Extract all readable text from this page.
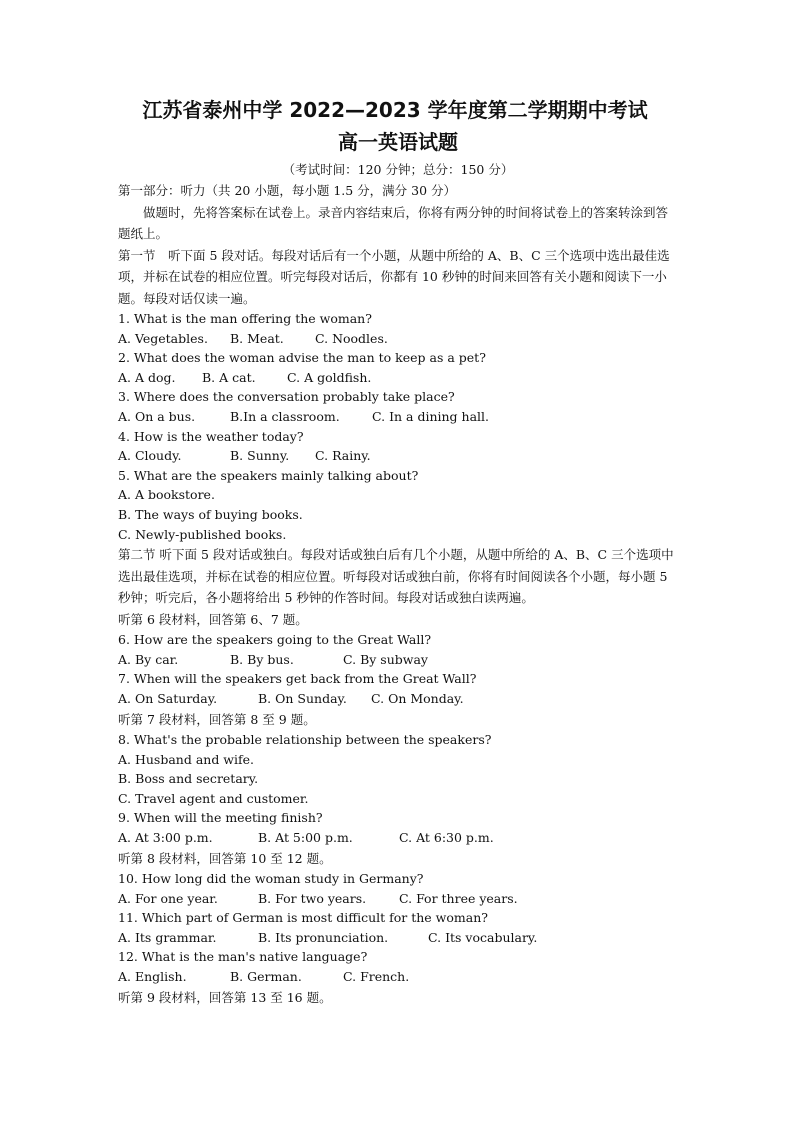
江苏省泰州中学 2022—2023 学年度第二学期期中考试
高一英语试题
（考试时间：120 分钟；总分：150 分）
第一部分：听力（共 20 小题，每小题 1.5 分，满分 30 分）
做题时，先将答案标在试卷上。录音内容结束后，你将有两分钟的时间将试卷上的答案转涂到答题纸上。
第一节　听下面 5 段对话。每段对话后有一个小题，从题中所给的 A、B、C 三个选项中选出最佳选项，并标在试卷的相应位置。听完每段对话后，你都有 10 秒钟的时间来回答有关小题和阅读下一小题。每段对话仅读一遍。
1. What is the man offering the woman?
A. Vegetables.	B. Meat.	C. Noodles.
2. What does the woman advise the man to keep as a pet?
A. A dog.	B. A cat.	C. A goldfish.
3. Where does the conversation probably take place?
A. On a bus.	B.In a classroom.	C. In a dining hall.
4. How is the weather today?
A. Cloudy.	B. Sunny.	C. Rainy.
5. What are the speakers mainly talking about?
A. A bookstore.
B. The ways of buying books.
C. Newly-published books.
第二节 听下面 5 段对话或独白。每段对话或独白后有几个小题，从题中所给的 A、B、C 三个选项中选出最佳选项，并标在试卷的相应位置。听每段对话或独白前，你将有时间阅读各个小题，每小题 5 秒钟；听完后，各小题将给出 5 秒钟的作答时间。每段对话或独白读两遍。
听第 6 段材料，回答第 6、7 题。
6. How are the speakers going to the Great Wall?
A. By car.	B. By bus.	C. By subway
7. When will the speakers get back from the Great Wall?
A. On Saturday.	B. On Sunday.	C. On Monday.
听第 7 段材料，回答第 8 至 9 题。
8. What's the probable relationship between the speakers?
A. Husband and wife.
B. Boss and secretary.
C. Travel agent and customer.
9. When will the meeting finish?
A. At 3:00 p.m.	B. At 5:00 p.m.	C. At 6:30 p.m.
听第 8 段材料，回答第 10 至 12 题。
10. How long did the woman study in Germany?
A. For one year.	B. For two years.	C. For three years.
11. Which part of German is most difficult for the woman?
A. Its grammar.	B. Its pronunciation.	C. Its vocabulary.
12. What is the man's native language?
A. English.	B. German.	C. French.
听第 9 段材料，回答第 13 至 16 题。
